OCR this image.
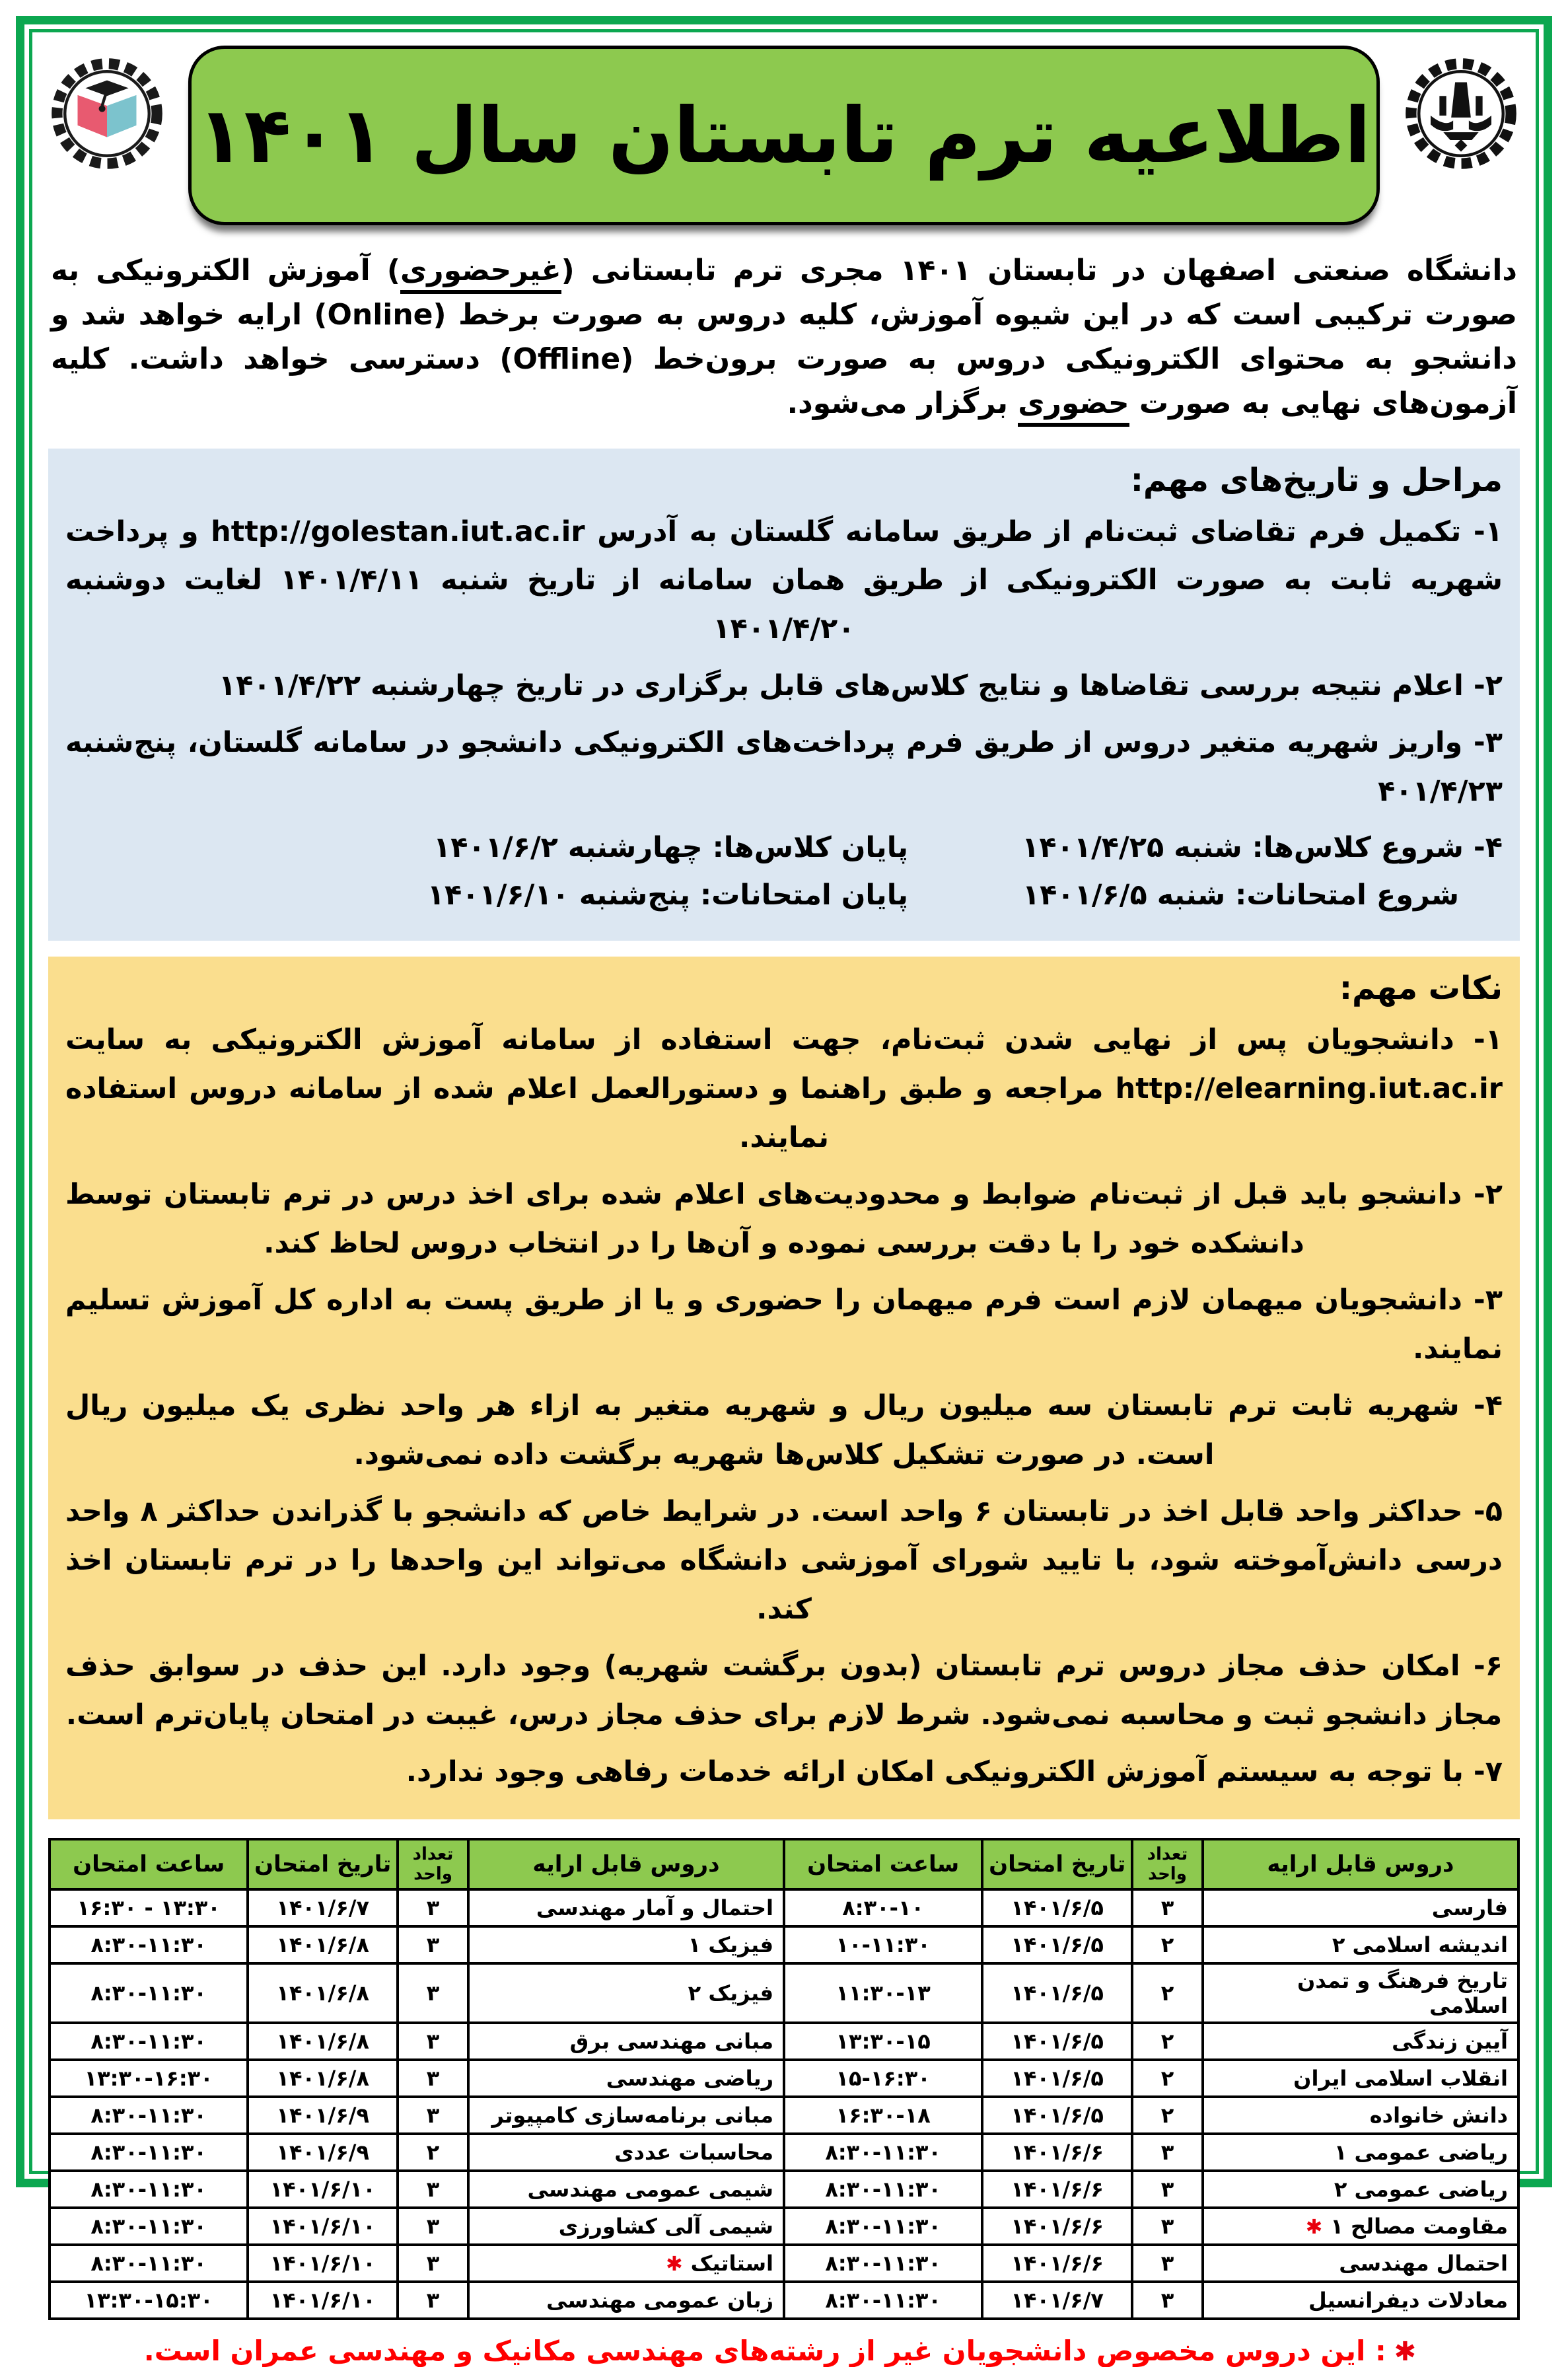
اطلاعیه ترم تابستان سال ۱۴۰۱

دانشگاه صنعتی اصفهان در تابستان ۱۴۰۱ مجری ترم تابستانی (غیرحضوری) آموزش الکترونیکی به صورت ترکیبی است که در این شیوه آموزش، کلیه دروس به صورت برخط (Online) ارایه خواهد شد و دانشجو به محتوای الکترونیکی دروس به صورت برون‌خط (Offline) دسترسی خواهد داشت. کلیه آزمون‌های نهایی به صورت حضوری برگزار می‌شود.

مراحل و تاریخ‌های مهم:
۱- تکمیل فرم تقاضای ثبت‌نام از طریق سامانه گلستان به آدرس http://golestan.iut.ac.ir و پرداخت شهریه ثابت به صورت الکترونیکی از طریق همان سامانه از تاریخ شنبه ۱۴۰۱/۴/۱۱ لغایت دوشنبه ۱۴۰۱/۴/۲۰
۲- اعلام نتیجه بررسی تقاضاها و نتایج کلاس‌های قابل برگزاری در تاریخ چهارشنبه ۱۴۰۱/۴/۲۲
۳- واریز شهریه متغیر دروس از طریق فرم پرداخت‌های الکترونیکی دانشجو در سامانه گلستان، پنج‌شنبه ۴۰۱/۴/۲۳
۴- شروع کلاس‌ها: شنبه ۱۴۰۱/۴/۲۵
پایان کلاس‌ها: چهارشنبه ۱۴۰۱/۶/۲
شروع امتحانات: شنبه ۱۴۰۱/۶/۵
پایان امتحانات: پنج‌شنبه ۱۴۰۱/۶/۱۰
نکات مهم:
۱- دانشجویان پس از نهایی شدن ثبت‌نام، جهت استفاده از سامانه آموزش الکترونیکی به سایت http://elearning.iut.ac.ir مراجعه و طبق راهنما و دستورالعمل اعلام شده از سامانه دروس استفاده نمایند.
۲- دانشجو باید قبل از ثبت‌نام ضوابط و محدودیت‌های اعلام شده برای اخذ درس در ترم تابستان توسط دانشکده خود را با دقت بررسی نموده و آن‌ها را در انتخاب دروس لحاظ کند.
۳- دانشجویان میهمان لازم است فرم میهمان را حضوری و یا از طریق پست به اداره کل آموزش تسلیم نمایند.
۴- شهریه ثابت ترم تابستان سه میلیون ریال و شهریه متغیر به ازاء هر واحد نظری یک میلیون ریال است. در صورت تشکیل کلاس‌ها شهریه برگشت داده نمی‌شود.
۵- حداکثر واحد قابل اخذ در تابستان ۶ واحد است. در شرایط خاص که دانشجو با گذراندن حداکثر ۸ واحد درسی دانش‌آموخته شود، با تایید شورای آموزشی دانشگاه می‌تواند این واحدها را در ترم تابستان اخذ کند.
۶- امکان حذف مجاز دروس ترم تابستان (بدون برگشت شهریه) وجود دارد. این حذف در سوابق حذف مجاز دانشجو ثبت و محاسبه نمی‌شود. شرط لازم برای حذف مجاز درس، غیبت در امتحان پایان‌ترم است.
۷- با توجه به سیستم آموزش الکترونیکی امکان ارائه خدمات رفاهی وجود ندارد.
دروس قابل ارایه	تعداد واحد	تاریخ امتحان	ساعت امتحان	دروس قابل ارایه	تعداد واحد	تاریخ امتحان	ساعت امتحان
فارسی	۳	۱۴۰۱/۶/۵	۸:۳۰-۱۰	احتمال و آمار مهندسی	۳	۱۴۰۱/۶/۷	۱۳:۳۰ - ۱۶:۳۰
اندیشه اسلامی ۲	۲	۱۴۰۱/۶/۵	۱۰-۱۱:۳۰	فیزیک ۱	۳	۱۴۰۱/۶/۸	۸:۳۰-۱۱:۳۰
تاریخ فرهنگ و تمدن اسلامی	۲	۱۴۰۱/۶/۵	۱۱:۳۰-۱۳	فیزیک ۲	۳	۱۴۰۱/۶/۸	۸:۳۰-۱۱:۳۰
آیین زندگی	۲	۱۴۰۱/۶/۵	۱۳:۳۰-۱۵	مبانی مهندسی برق	۳	۱۴۰۱/۶/۸	۸:۳۰-۱۱:۳۰
انقلاب اسلامی ایران	۲	۱۴۰۱/۶/۵	۱۵-۱۶:۳۰	ریاضی مهندسی	۳	۱۴۰۱/۶/۸	۱۳:۳۰-۱۶:۳۰
دانش خانواده	۲	۱۴۰۱/۶/۵	۱۶:۳۰-۱۸	مبانی برنامه‌سازی کامپیوتر	۳	۱۴۰۱/۶/۹	۸:۳۰-۱۱:۳۰
ریاضی عمومی ۱	۳	۱۴۰۱/۶/۶	۸:۳۰-۱۱:۳۰	محاسبات عددی	۲	۱۴۰۱/۶/۹	۸:۳۰-۱۱:۳۰
ریاضی عمومی ۲	۳	۱۴۰۱/۶/۶	۸:۳۰-۱۱:۳۰	شیمی عمومی مهندسی	۳	۱۴۰۱/۶/۱۰	۸:۳۰-۱۱:۳۰
مقاومت مصالح ۱✱	۳	۱۴۰۱/۶/۶	۸:۳۰-۱۱:۳۰	شیمی آلی کشاورزی	۳	۱۴۰۱/۶/۱۰	۸:۳۰-۱۱:۳۰
احتمال مهندسی	۳	۱۴۰۱/۶/۶	۸:۳۰-۱۱:۳۰	استاتیک✱	۳	۱۴۰۱/۶/۱۰	۸:۳۰-۱۱:۳۰
معادلات دیفرانسیل	۳	۱۴۰۱/۶/۷	۸:۳۰-۱۱:۳۰	زبان عمومی مهندسی	۳	۱۴۰۱/۶/۱۰	۱۳:۳۰-۱۵:۳۰
✱: این دروس مخصوص دانشجویان غیر از رشته‌های مهندسی مکانیک و مهندسی عمران است.
